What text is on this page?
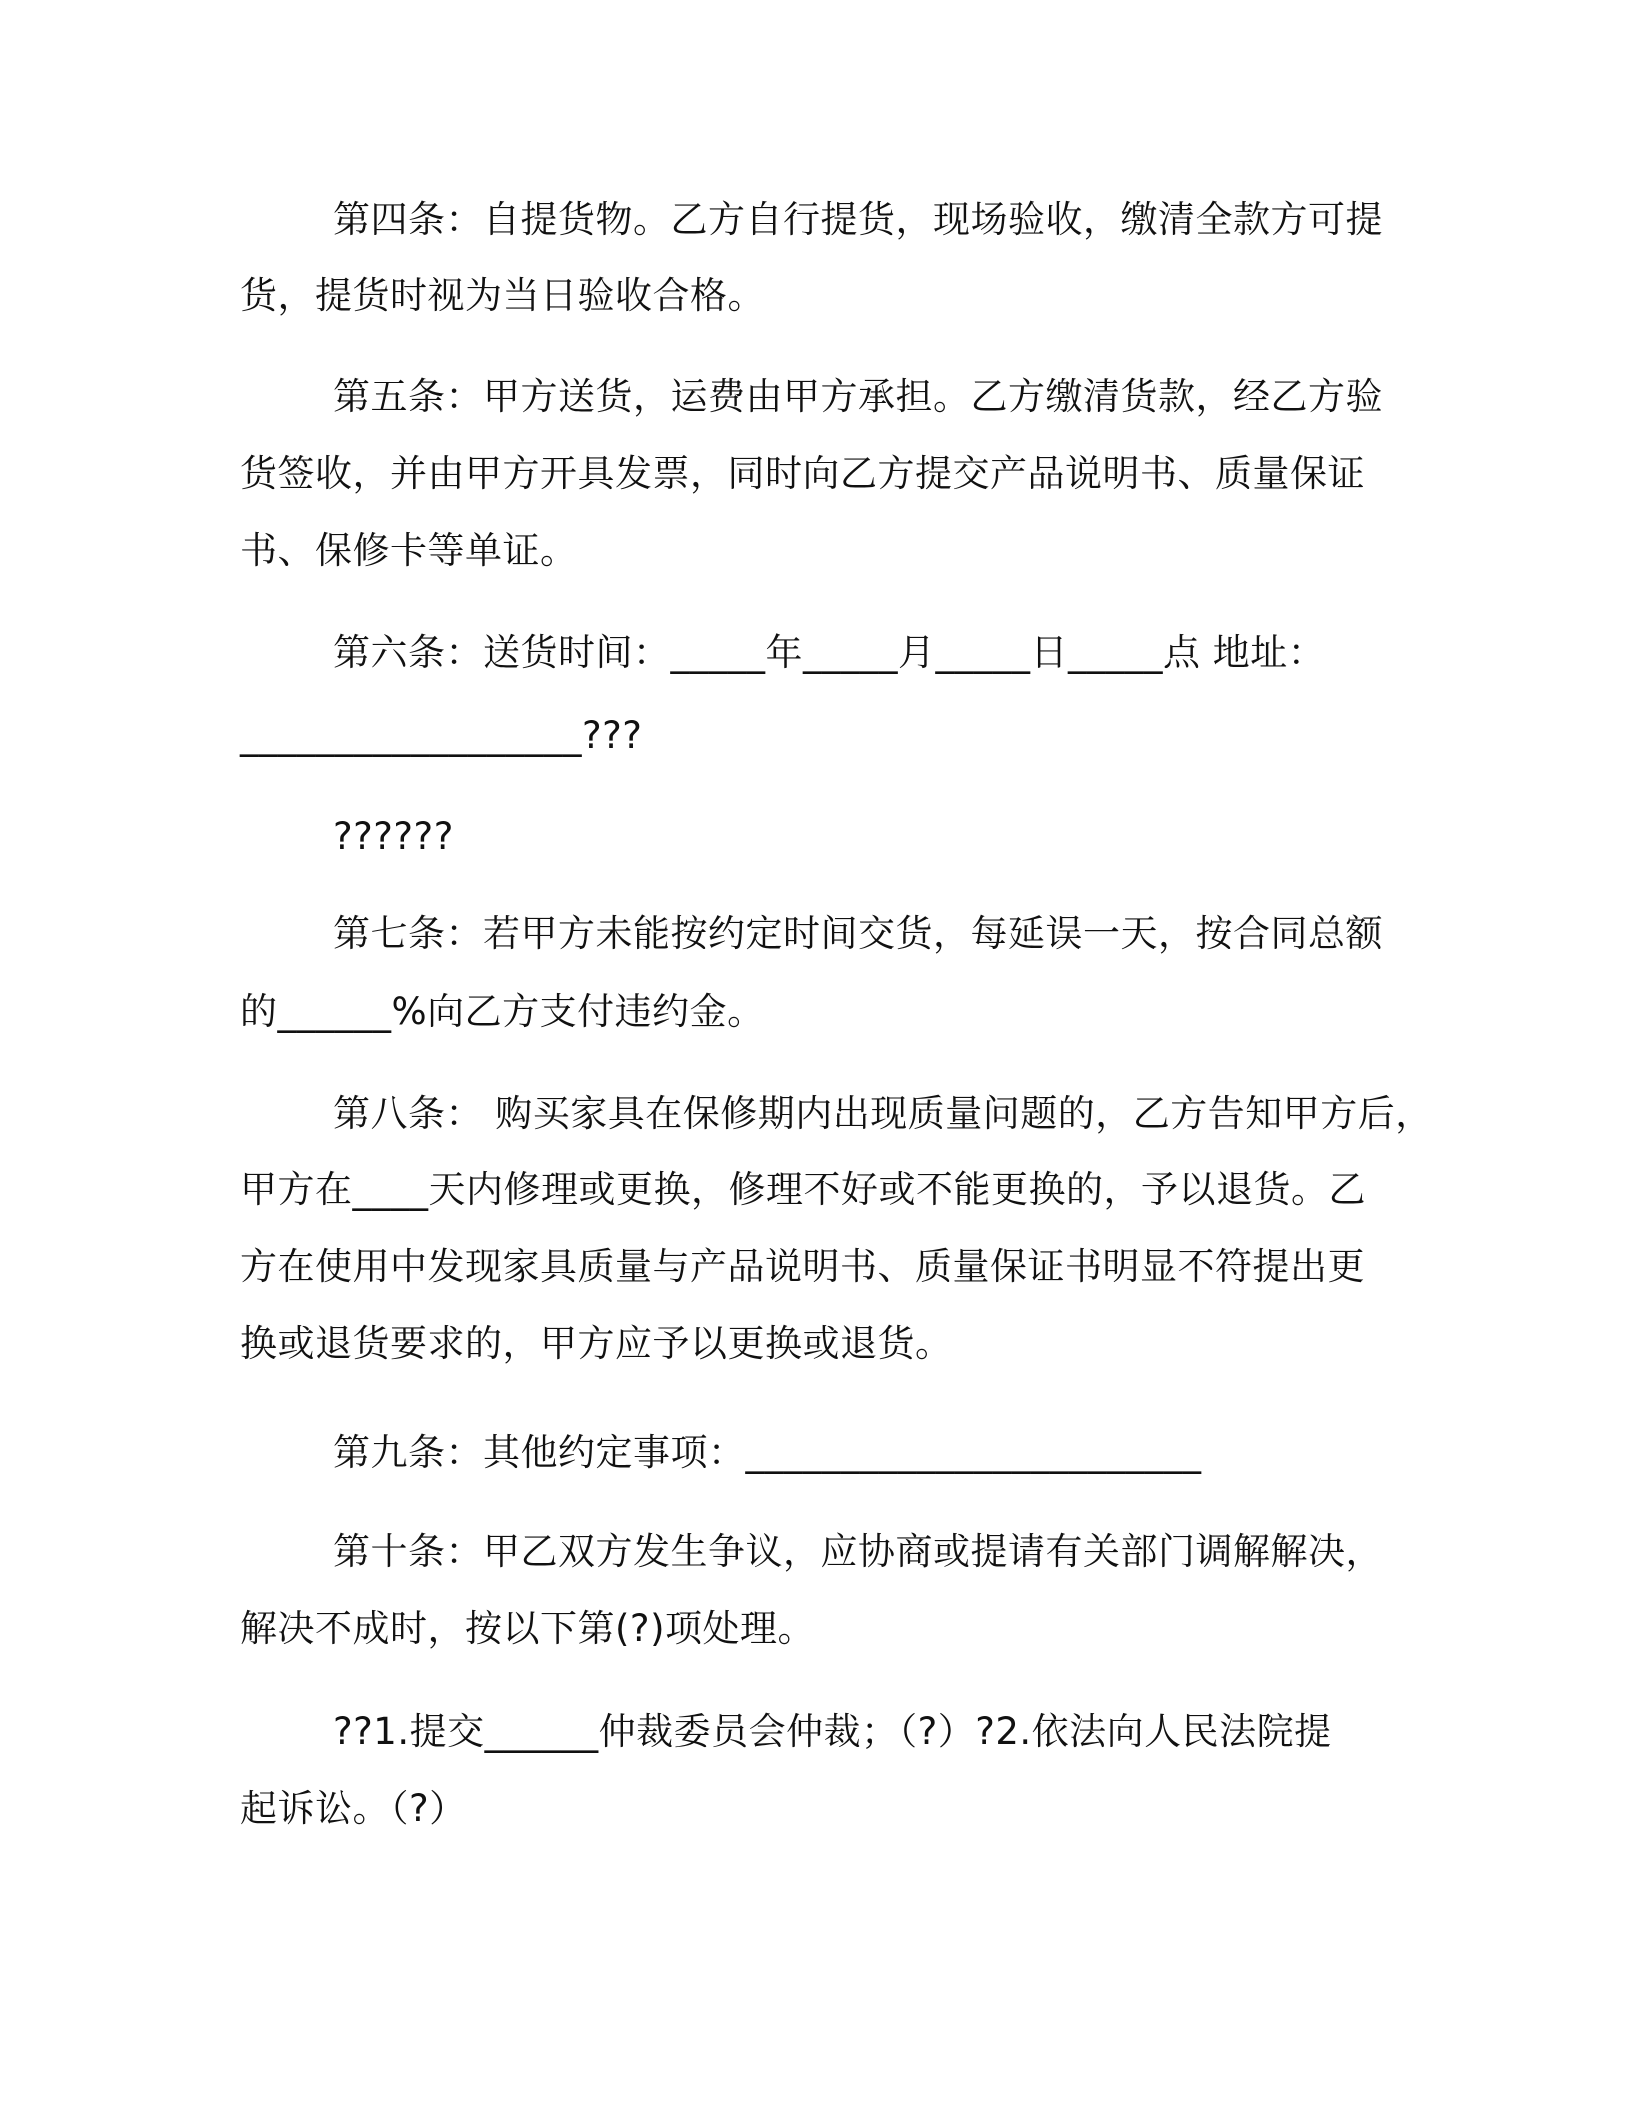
第四条：自提货物。乙方自行提货，现场验收，缴清全款方可提
货，提货时视为当日验收合格。
第五条：甲方送货，运费由甲方承担。乙方缴清货款，经乙方验
货签收，并由甲方开具发票，同时向乙方提交产品说明书、质量保证
书、保修卡等单证。
第六条：送货时间：_____年_____月_____日_____点 地址：
__________________???
??????
第七条：若甲方未能按约定时间交货，每延误一天，按合同总额
的______%向乙方支付违约金。
第八条： 购买家具在保修期内出现质量问题的，乙方告知甲方后，
甲方在____天内修理或更换，修理不好或不能更换的，予以退货。乙
方在使用中发现家具质量与产品说明书、质量保证书明显不符提出更
换或退货要求的，甲方应予以更换或退货。
第九条：其他约定事项：________________________
第十条：甲乙双方发生争议，应协商或提请有关部门调解解决，
解决不成时，按以下第(?)项处理。
??1.提交______仲裁委员会仲裁；（?）?2.依法向人民法院提
起诉讼。（?）
